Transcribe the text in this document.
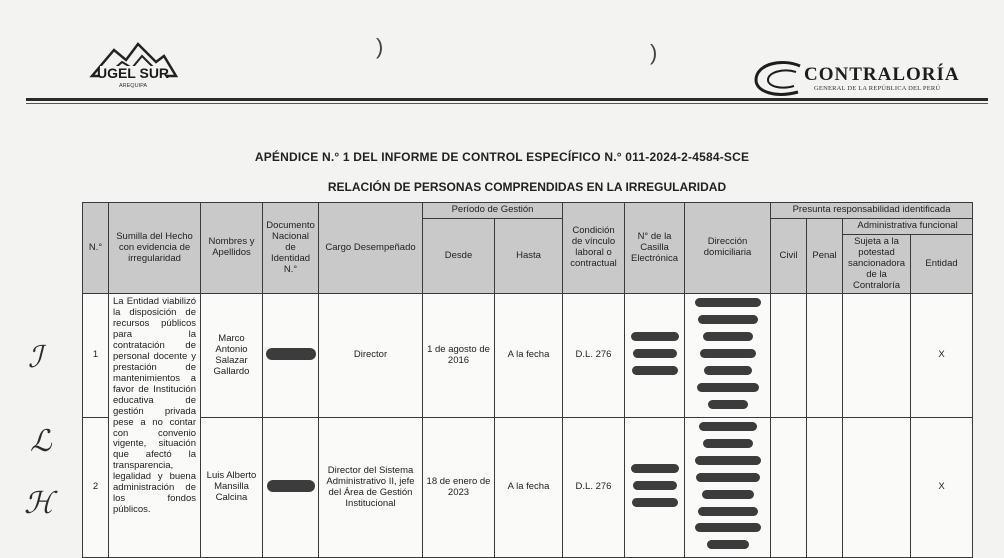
)	)
UGEL SUR
AREQUIPA
CONTRALORÍA
GENERAL DE LA REPÚBLICA DEL PERÚ
APÉNDICE N.° 1 DEL INFORME DE CONTROL ESPECÍFICO N.° 011-2024-2-4584-SCE
RELACIÓN DE PERSONAS COMPRENDIDAS EN LA IRREGULARIDAD
N.°	Sumilla del Hecho con evidencia de irregularidad	Nombres y Apellidos	Documento Nacional de Identidad N.°	Cargo Desempeñado	Período de Gestión		Condición de vínculo laboral o contractual	N° de la Casilla Electrónica	Dirección domiciliaria	Presunta responsabilidad identificada			
					Desde	Hasta				Civil	Penal	Administrativa funcional	
												Sujeta a la potestad sancionadora de la Contraloría	Entidad
1	La Entidad viabilizó la disposición de recursos públicos para la contratación de personal docente y prestación de mantenimientos a favor de Institución educativa de gestión privada pese a no contar con convenio vigente, situación que afectó la transparencia, legalidad y buena administración de los fondos públicos.	Marco Antonio Salazar Gallardo		Director	1 de agosto de 2016	A la fecha	D.L. 276						X
2		Luis Alberto Mansilla Calcina		Director del Sistema Administrativo II, jefe del Área de Gestión Institucional	18 de enero de 2023	A la fecha	D.L. 276						X
ℐ
ℒ
ℋ
